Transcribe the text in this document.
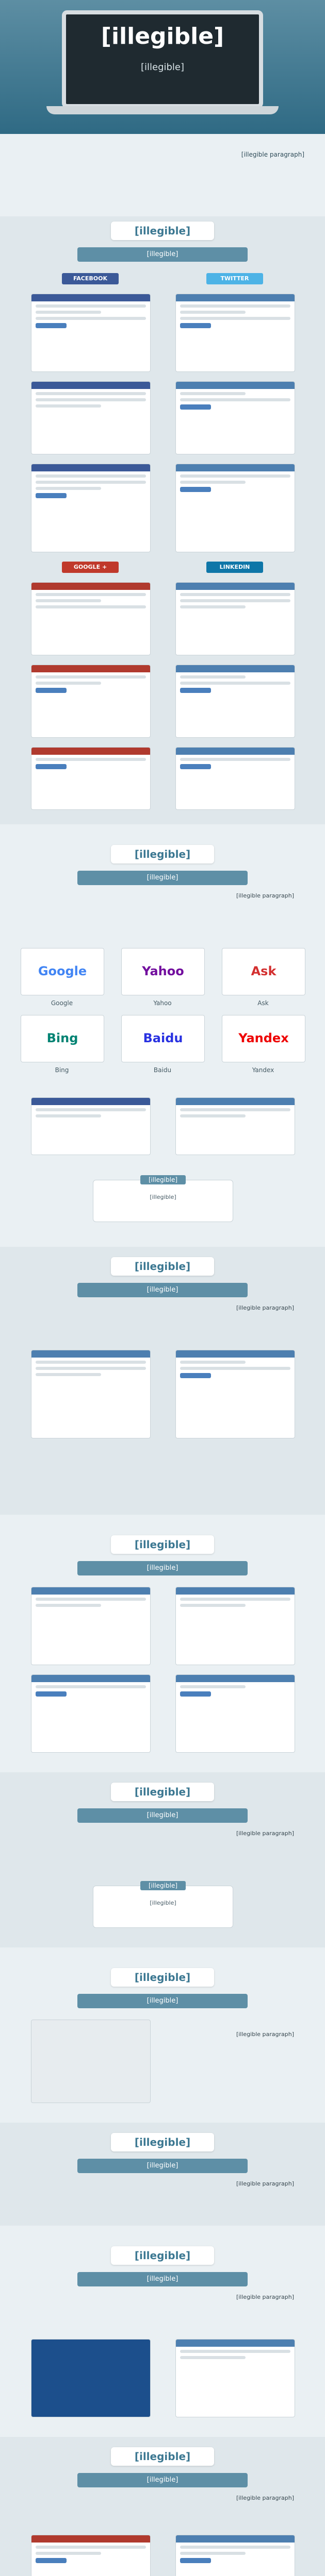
[illegible]
[illegible]
[illegible paragraph]
[illegible]
[illegible]
FACEBOOK	TWITTER
GOOGLE +	LINKEDIN
[illegible]
[illegible]
[illegible paragraph]
Google
Google
Yahoo
Yahoo
Ask
Ask
Bing
Bing
Baidu
Baidu
Yandex
Yandex
[illegible]
[illegible]
[illegible]
[illegible]
[illegible paragraph]
[illegible]
[illegible]
[illegible]
[illegible]
[illegible paragraph]
[illegible]
[illegible]
[illegible]
[illegible]
[illegible paragraph]
[illegible]
[illegible]
[illegible paragraph]
[illegible]
[illegible]
[illegible paragraph]
[illegible]
[illegible]
[illegible paragraph]
